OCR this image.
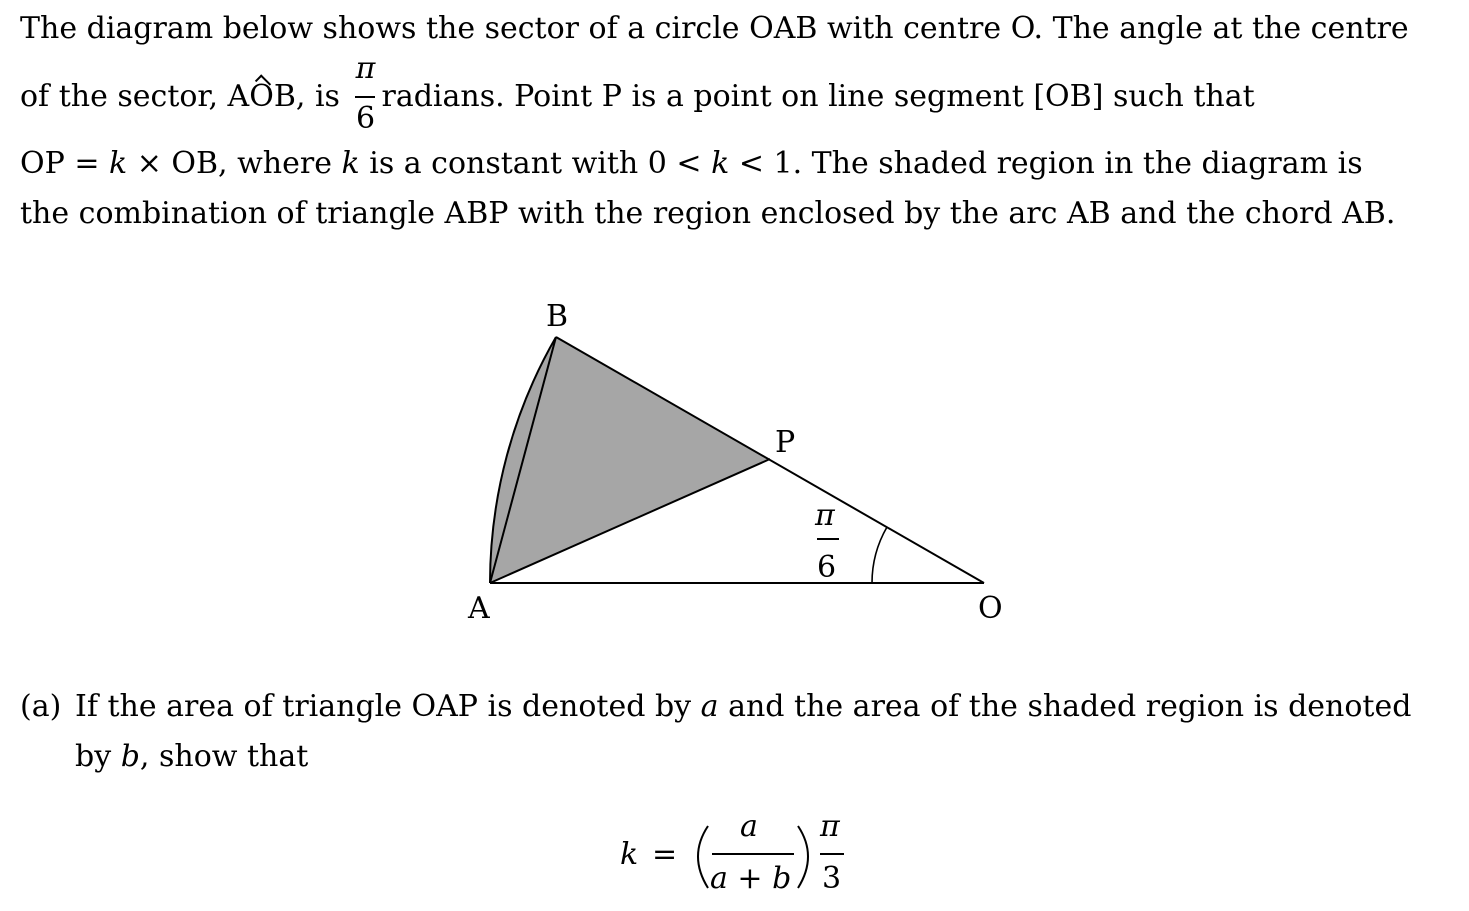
The diagram below shows the sector of a circle OAB with centre O. The angle at the centre
of the sector, AOB, is $\frac{\pi}{6}$ radians. Point P is a point on line segment [OB] such that
OP = k × OB, where k is a constant with 0 < k < 1. The shaded region in the diagram is
the combination of triangle ABP with the region enclosed by the arc AB and the chord AB.
B
P
A	O
π
6
(a) If the area of triangle OAP is denoted by a and the area of the shaded region is denoted
by b, show that
k =
a
a + b
π
3
